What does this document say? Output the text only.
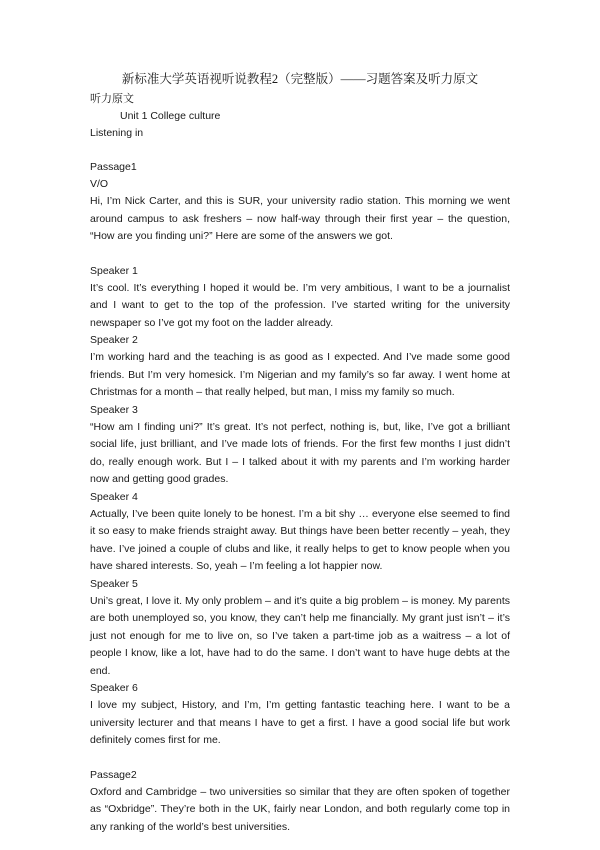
新标准大学英语视听说教程2（完整版）——习题答案及听力原文

听力原文

Unit 1 College culture

Listening in

Passage1

V/O

Hi, I’m Nick Carter, and this is SUR, your university radio station. This morning we went around campus to ask freshers – now half-way through their first year – the question, “How are you finding uni?” Here are some of the answers we got.

Speaker 1

It’s cool. It’s everything I hoped it would be. I’m very ambitious, I want to be a journalist and I want to get to the top of the profession. I’ve started writing for the university newspaper so I’ve got my foot on the ladder already.

Speaker 2

I’m working hard and the teaching is as good as I expected. And I’ve made some good friends. But I’m very homesick. I’m Nigerian and my family’s so far away. I went home at Christmas for a month – that really helped, but man, I miss my family so much.

Speaker 3

“How am I finding uni?” It’s great. It’s not perfect, nothing is, but, like, I’ve got a brilliant social life, just brilliant, and I’ve made lots of friends. For the first few months I just didn’t do, really enough work. But I – I talked about it with my parents and I’m working harder now and getting good grades.

Speaker 4

Actually, I’ve been quite lonely to be honest. I’m a bit shy … everyone else seemed to find it so easy to make friends straight away. But things have been better recently – yeah, they have. I’ve joined a couple of clubs and like, it really helps to get to know people when you have shared interests. So, yeah – I’m feeling a lot happier now.

Speaker 5

Uni’s great, I love it. My only problem – and it’s quite a big problem – is money. My parents are both unemployed so, you know, they can’t help me financially. My grant just isn’t – it’s just not enough for me to live on, so I’ve taken a part-time job as a waitress – a lot of people I know, like a lot, have had to do the same. I don’t want to have huge debts at the end.

Speaker 6

I love my subject, History, and I’m, I’m getting fantastic teaching here. I want to be a university lecturer and that means I have to get a first. I have a good social life but work definitely comes first for me.

Passage2

Oxford and Cambridge – two universities so similar that they are often spoken of together as “Oxbridge”. They’re both in the UK, fairly near London, and both regularly come top in any ranking of the world’s best universities.
